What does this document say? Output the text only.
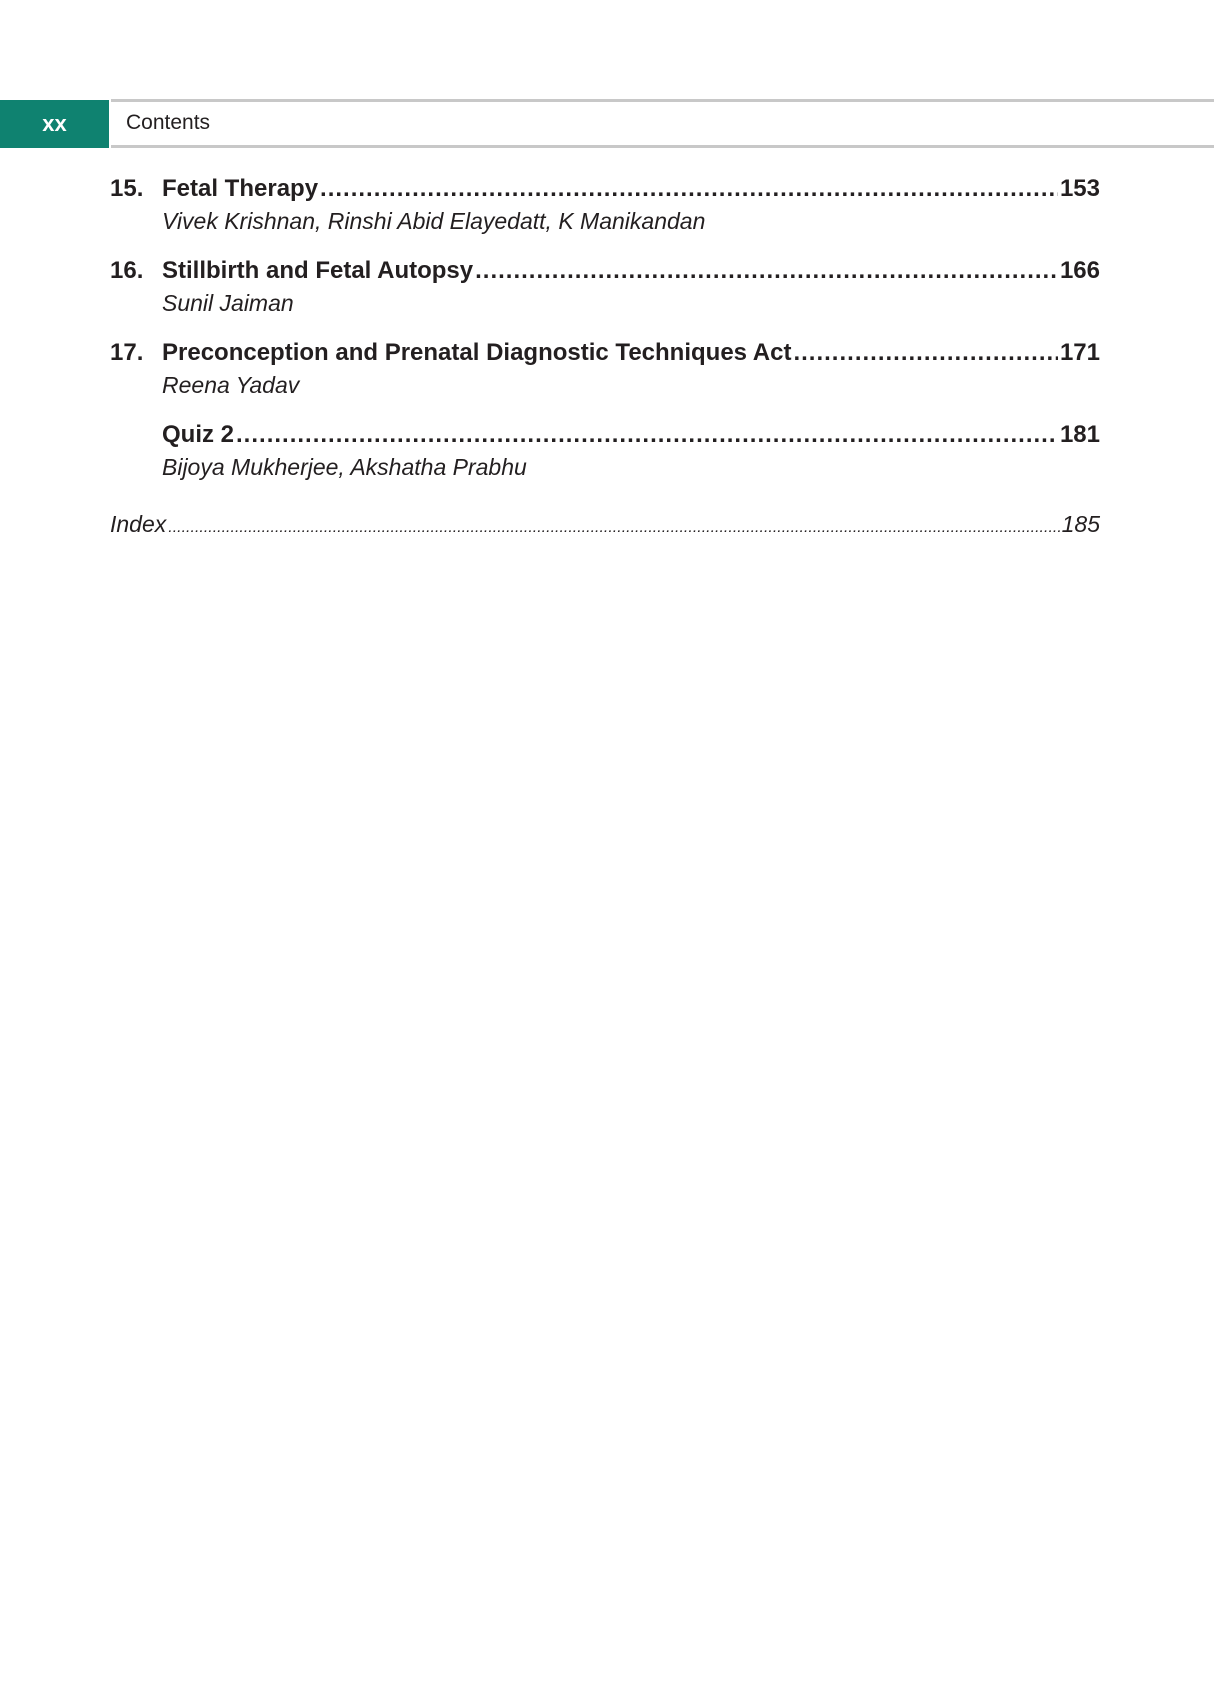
xx	Contents
15. Fetal Therapy .....	153
Vivek Krishnan, Rinshi Abid Elayedatt, K Manikandan
16. Stillbirth and Fetal Autopsy .....	166
Sunil Jaiman
17. Preconception and Prenatal Diagnostic Techniques Act .....	171
Reena Yadav
Quiz 2 .....	181
Bijoya Mukherjee, Akshatha Prabhu
Index .....	185
